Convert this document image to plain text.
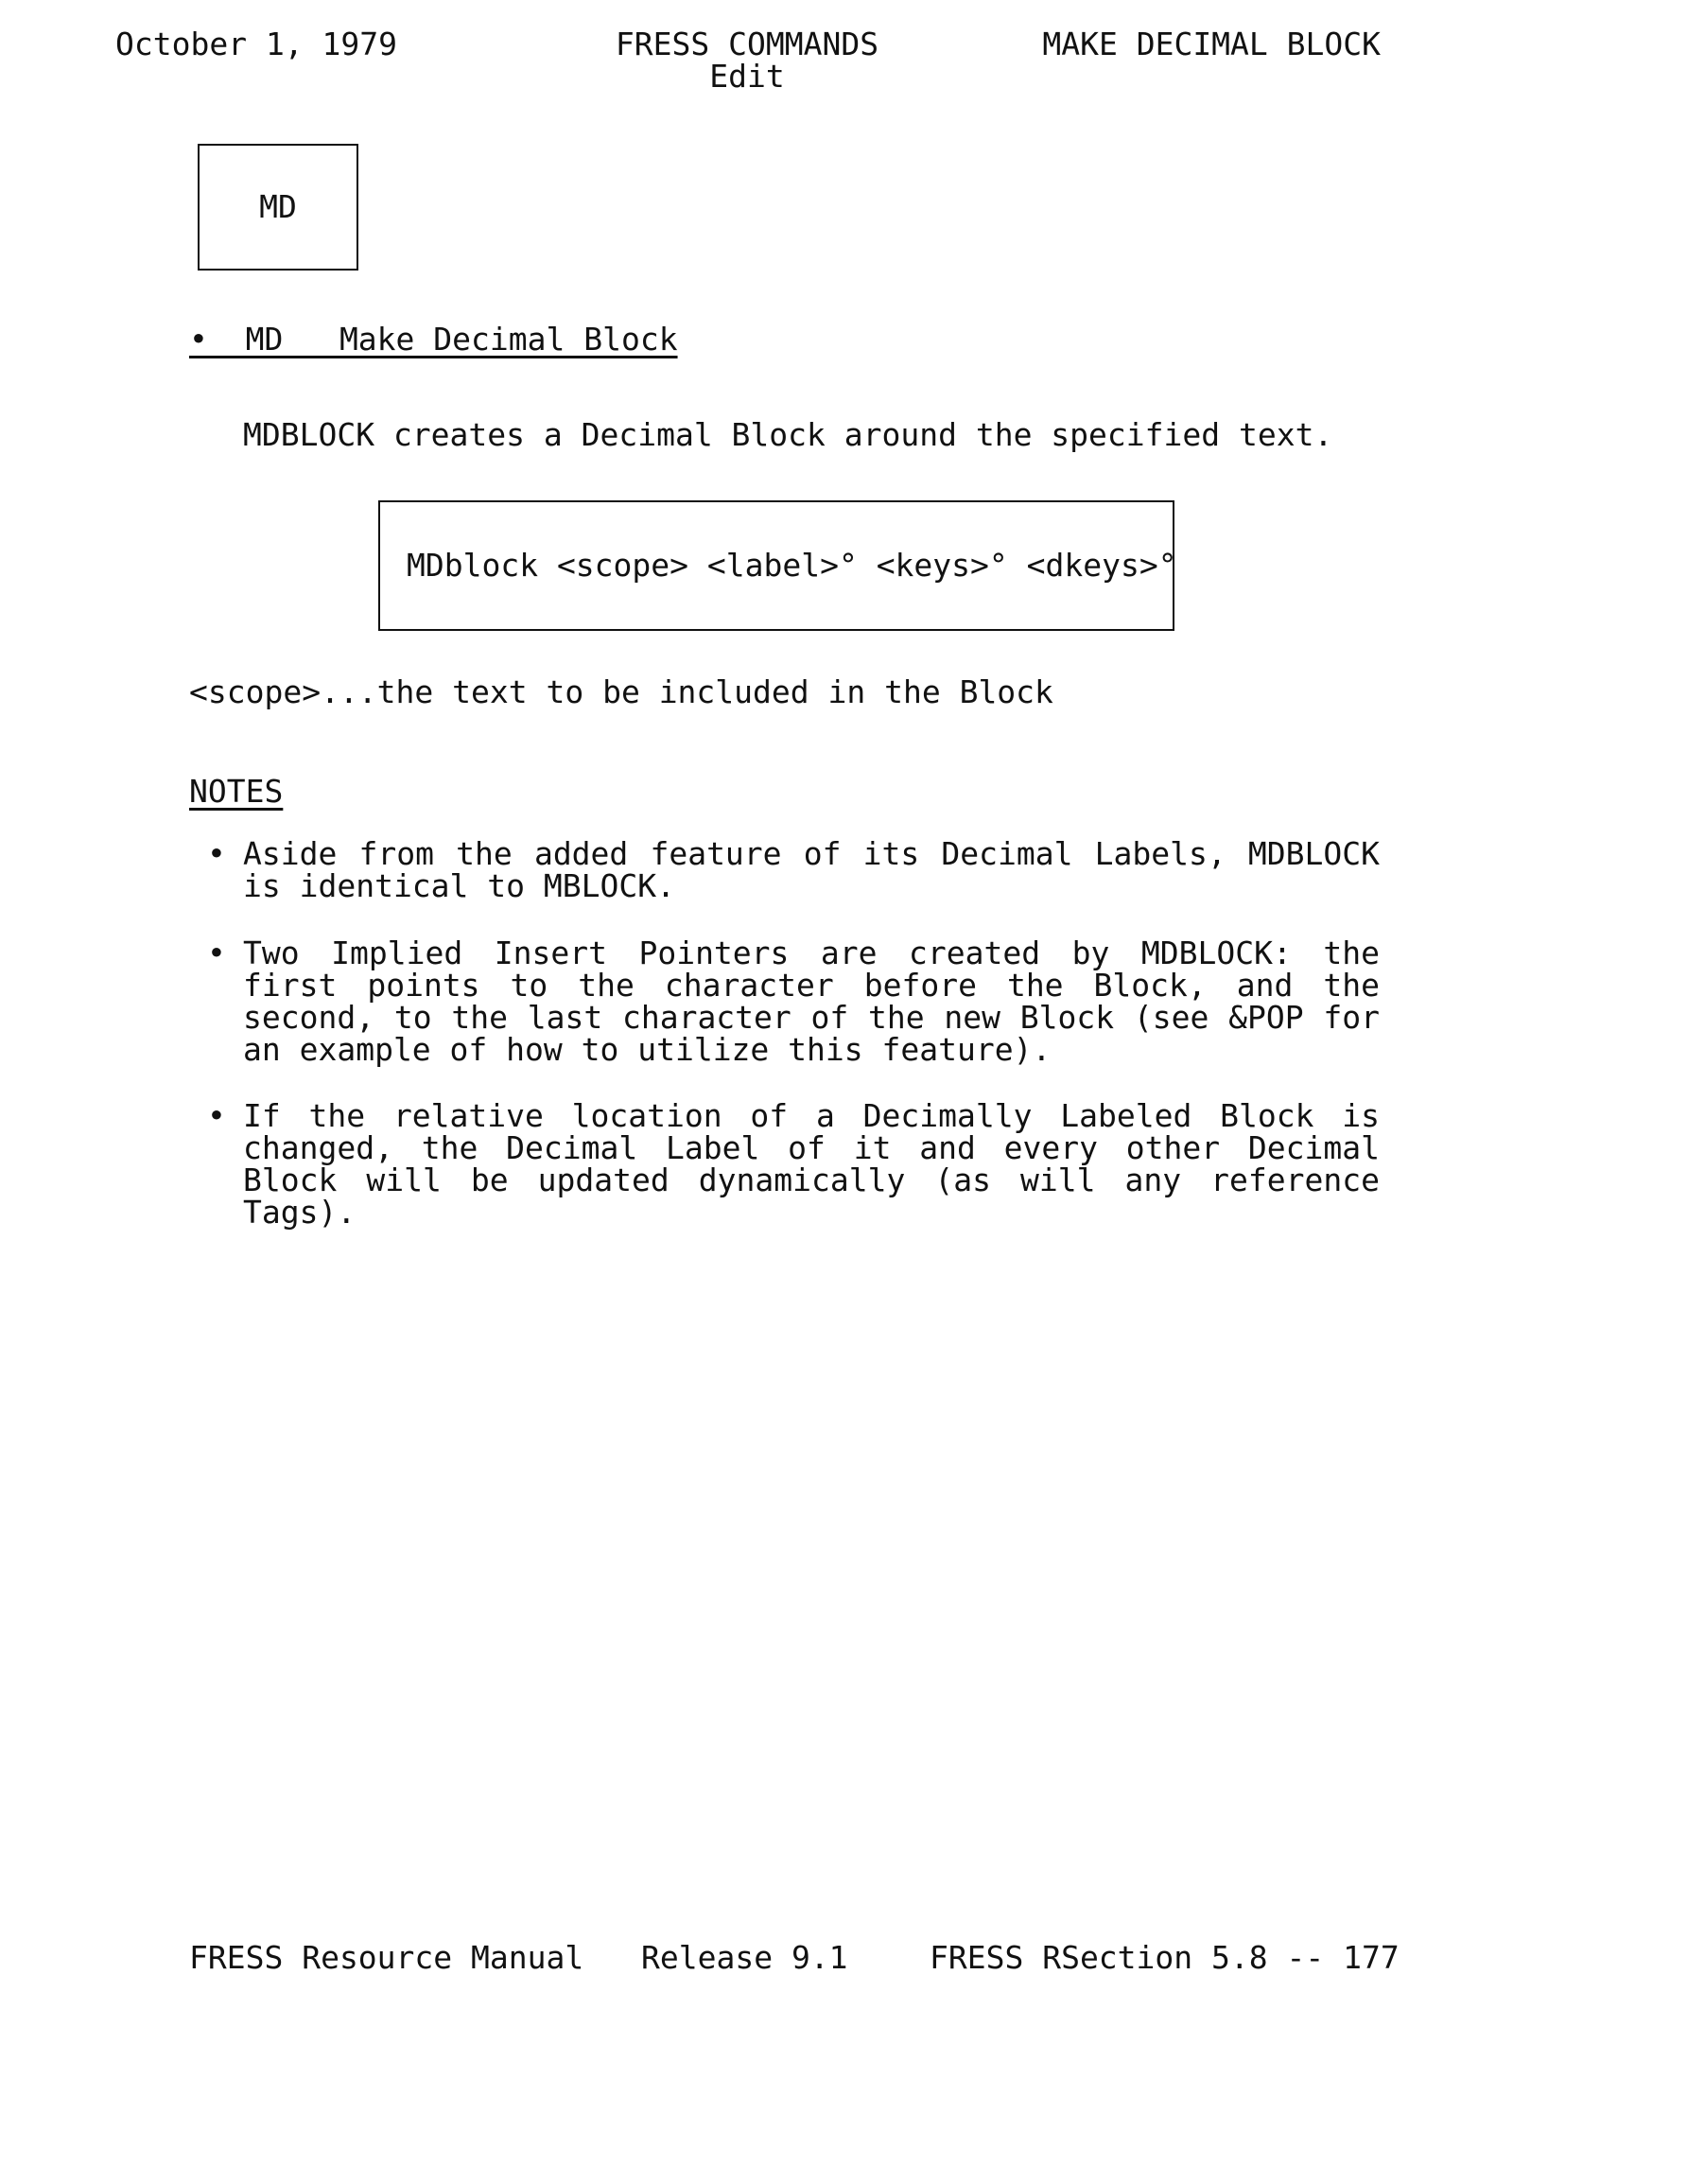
October 1, 1979	FRESS COMMANDS	MAKE DECIMAL BLOCK
Edit
MD
•  MD   Make Decimal Block
MDBLOCK creates a Decimal Block around the specified text.
MDblock <scope> <label>° <keys>° <dkeys>°
<scope>...the text to be included in the Block
NOTES
• Aside from the added feature of its Decimal Labels, MDBLOCK is identical to MBLOCK.
• Two Implied Insert Pointers are created by MDBLOCK: the first points to the character before the Block, and the second, to the last character of the new Block (see &POP for an example of how to utilize this feature).
• If the relative location of a Decimally Labeled Block is changed, the Decimal Label of it and every other Decimal Block will be updated dynamically (as will any reference Tags).
FRESS Resource Manual Release 9.1	FRESS RSection 5.8 -- 177
